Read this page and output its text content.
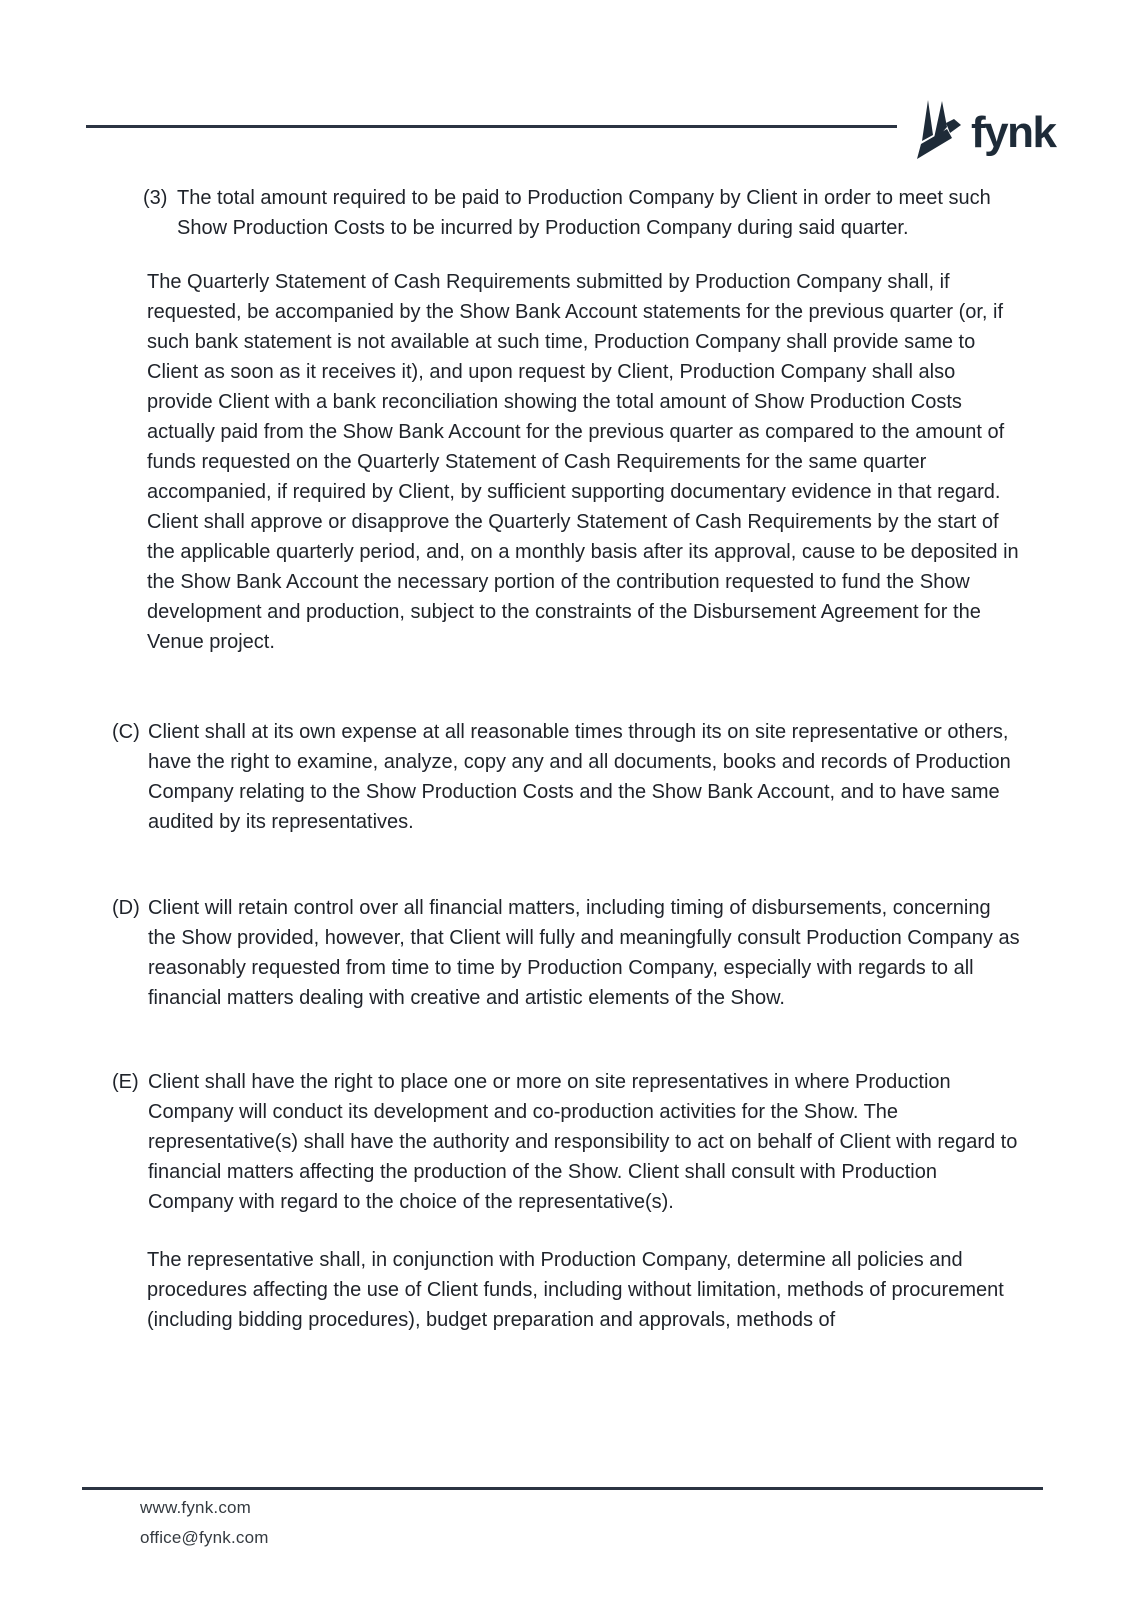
fynk
(3) The total amount required to be paid to Production Company by Client in order to meet such Show Production Costs to be incurred by Production Company during said quarter.
The Quarterly Statement of Cash Requirements submitted by Production Company shall, if requested, be accompanied by the Show Bank Account statements for the previous quarter (or, if such bank statement is not available at such time, Production Company shall provide same to Client as soon as it receives it), and upon request by Client, Production Company shall also provide Client with a bank reconciliation showing the total amount of Show Production Costs actually paid from the Show Bank Account for the previous quarter as compared to the amount of funds requested on the Quarterly Statement of Cash Requirements for the same quarter accompanied, if required by Client, by sufficient supporting documentary evidence in that regard. Client shall approve or disapprove the Quarterly Statement of Cash Requirements by the start of the applicable quarterly period, and, on a monthly basis after its approval, cause to be deposited in the Show Bank Account the necessary portion of the contribution requested to fund the Show development and production, subject to the constraints of the Disbursement Agreement for the Venue project.
(C) Client shall at its own expense at all reasonable times through its on site representative or others, have the right to examine, analyze, copy any and all documents, books and records of Production Company relating to the Show Production Costs and the Show Bank Account, and to have same audited by its representatives.
(D) Client will retain control over all financial matters, including timing of disbursements, concerning the Show provided, however, that Client will fully and meaningfully consult Production Company as reasonably requested from time to time by Production Company, especially with regards to all financial matters dealing with creative and artistic elements of the Show.
(E) Client shall have the right to place one or more on site representatives in where Production Company will conduct its development and co-production activities for the Show. The representative(s) shall have the authority and responsibility to act on behalf of Client with regard to financial matters affecting the production of the Show. Client shall consult with Production Company with regard to the choice of the representative(s).
The representative shall, in conjunction with Production Company, determine all policies and procedures affecting the use of Client funds, including without limitation, methods of procurement (including bidding procedures), budget preparation and approvals, methods of
www.fynk.com
office@fynk.com
